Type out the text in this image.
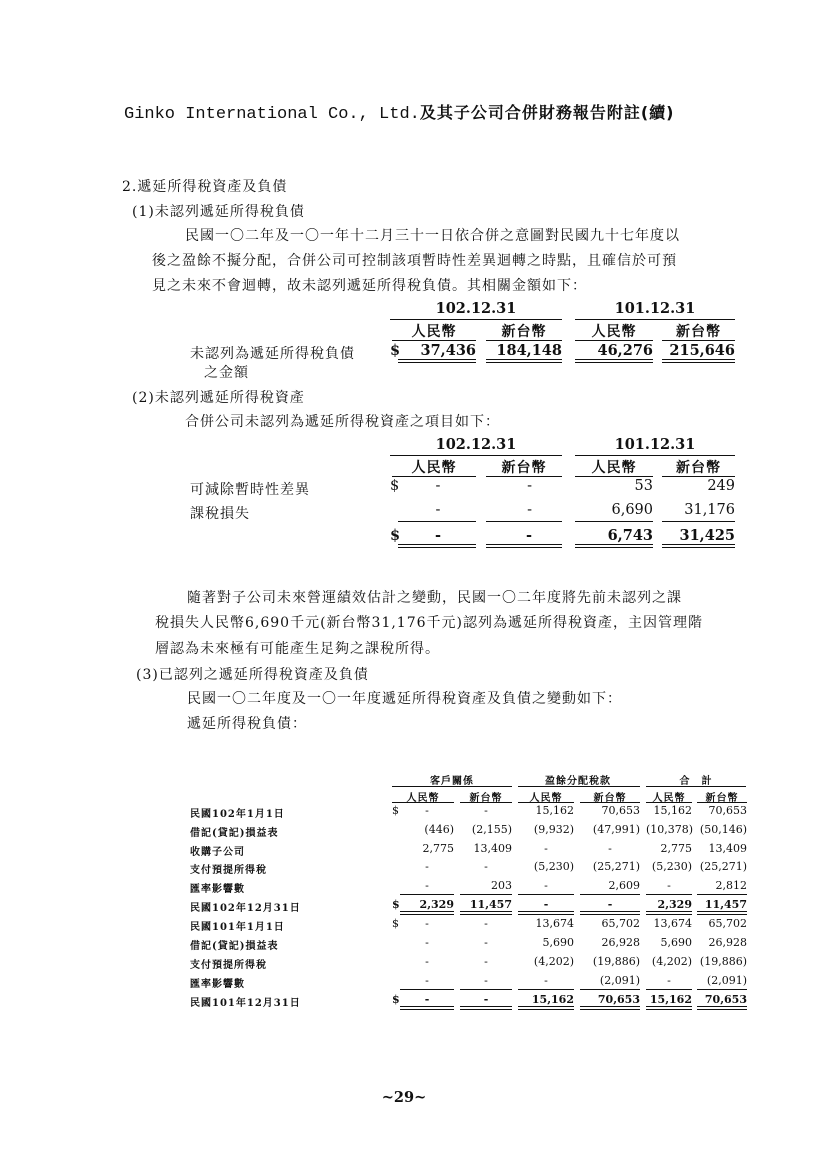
Ginko International Co., Ltd.及其子公司合併財務報告附註(續)
2.遞延所得稅資產及負債
(1)未認列遞延所得稅負債
民國一〇二年及一〇一年十二月三十一日依合併之意圖對民國九十七年度以
後之盈餘不擬分配，合併公司可控制該項暫時性差異迴轉之時點，且確信於可預
見之未來不會迴轉，故未認列遞延所得稅負債。其相關金額如下：
102.12.31	101.12.31
人民幣	新台幣	人民幣	新台幣
未認列為遞延所得稅負債
之金額
$	37,436	184,148	46,276	215,646
(2)未認列遞延所得稅資產
合併公司未認列為遞延所得稅資產之項目如下：
102.12.31	101.12.31
人民幣	新台幣	人民幣	新台幣
可減除暫時性差異	$	-	-	53	249
課稅損失	-	-	6,690	31,176
$	-	-	6,743	31,425
隨著對子公司未來營運績效估計之變動，民國一〇二年度將先前未認列之課
稅損失人民幣6,690千元(新台幣31,176千元)認列為遞延所得稅資產，主因管理階
層認為未來極有可能產生足夠之課稅所得。
(3)已認列之遞延所得稅資產及負債
民國一〇二年度及一〇一年度遞延所得稅資產及負債之變動如下：
遞延所得稅負債：
客戶關係	盈餘分配稅款	合　計
人民幣	新台幣	人民幣	新台幣	人民幣	新台幣
民國102年1月1日	$	-	-	15,162	70,653	15,162	70,653
借記(貸記)損益表	(446)	(2,155)	(9,932)	(47,991) (10,378) (50,146)
收購子公司	2,775	13,409	-	-	2,775	13,409
支付預提所得稅	-	-	(5,230)	(25,271)	(5,230) (25,271)
匯率影響數	-	203	-	2,609	-	2,812
民國102年12月31日	$	2,329	11,457	-	-	2,329	11,457
民國101年1月1日	$	-	-	13,674	65,702	13,674	65,702
借記(貸記)損益表	-	-	5,690	26,928	5,690	26,928
支付預提所得稅	-	-	(4,202)	(19,886)	(4,202) (19,886)
匯率影響數	-	-	-	(2,091)	-	(2,091)
民國101年12月31日	$	-	-	15,162	70,653 15,162	70,653
~29~
